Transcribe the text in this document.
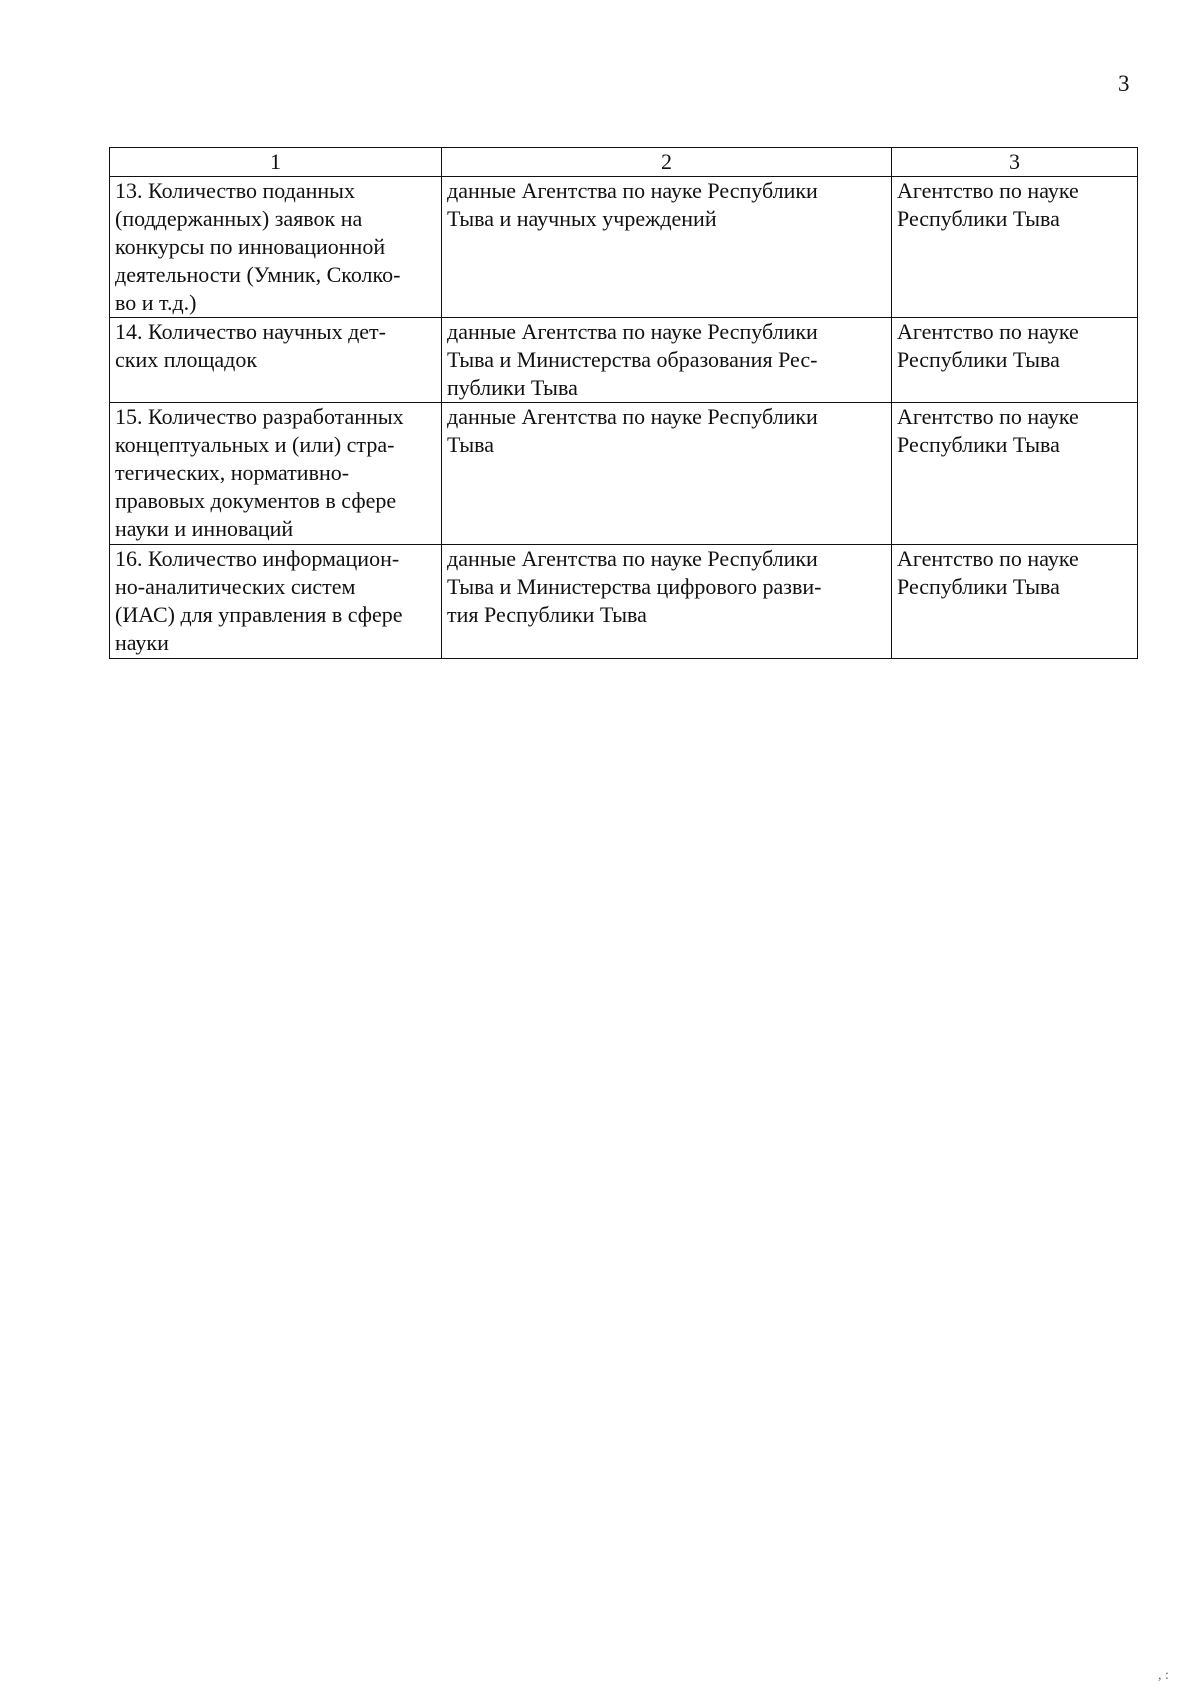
3
1	2	3

13. Количество поданных
(поддержанных) заявок на
конкурсы по инновационной
деятельности (Умник, Сколко-
во и т.д.)	данные Агентства по науке Республики
Тыва и научных учреждений	Агентство по науке
Республики Тыва

14. Количество научных дет-
ских площадок	данные Агентства по науке Республики
Тыва и Министерства образования Рес-
публики Тыва	Агентство по науке
Республики Тыва

15. Количество разработанных
концептуальных и (или) стра-
тегических, нормативно-
правовых документов в сфере
науки и инноваций	данные Агентства по науке Республики
Тыва	Агентство по науке
Республики Тыва

16. Количество информацион-
но-аналитических систем
(ИАС) для управления в сфере
науки	данные Агентства по науке Республики
Тыва и Министерства цифрового разви-
тия Республики Тыва	Агентство по науке
Республики Тыва
, :
